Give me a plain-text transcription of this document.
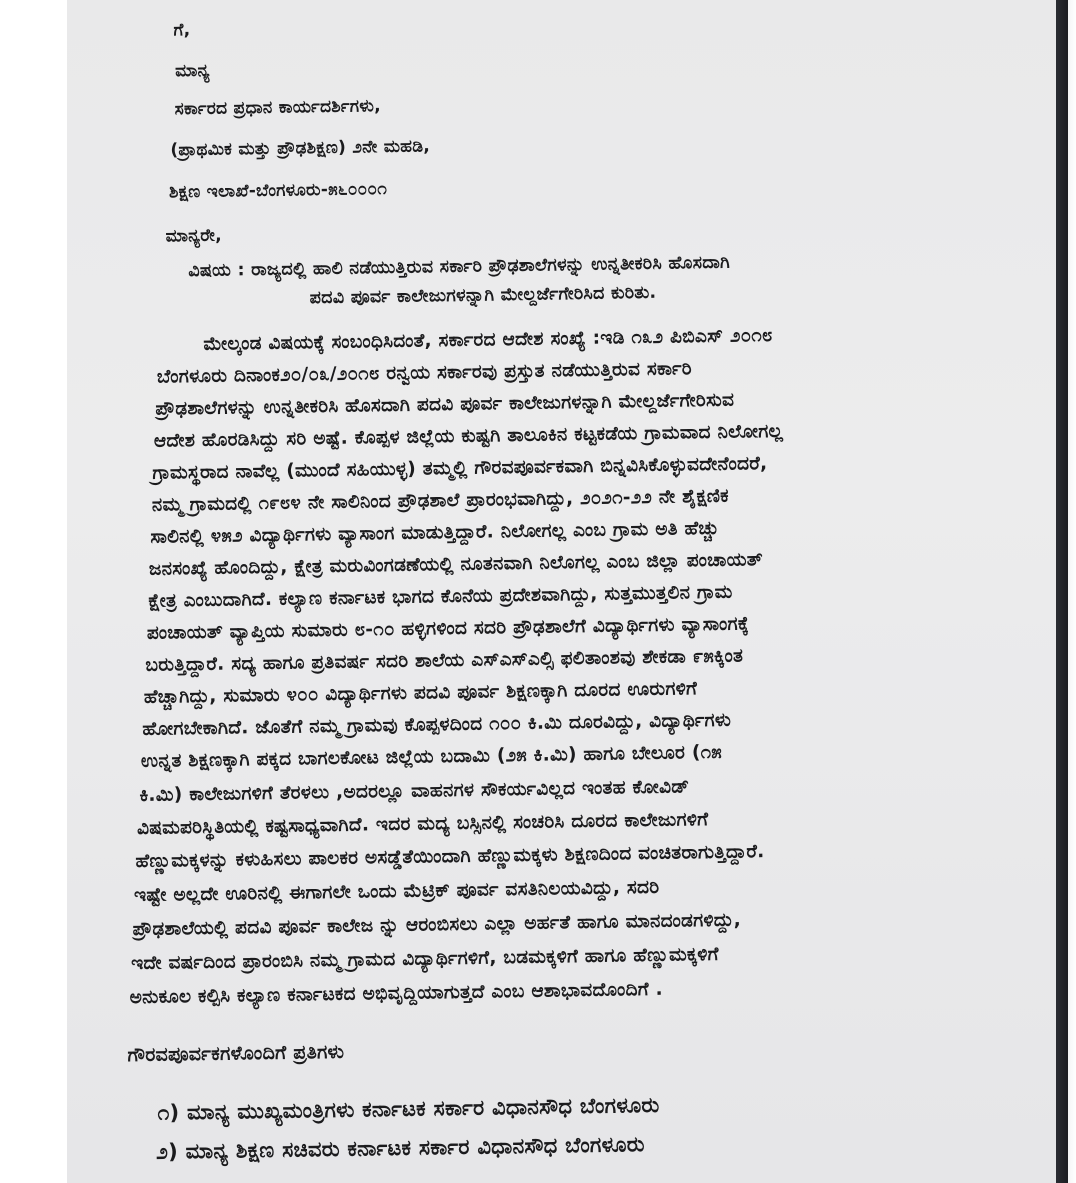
ಗೆ,
ಮಾನ್ಯ
ಸರ್ಕಾರದ ಪ್ರಧಾನ ಕಾರ್ಯದರ್ಶಿಗಳು,
(ಪ್ರಾಥಮಿಕ ಮತ್ತು ಪ್ರೌಢಶಿಕ್ಷಣ) ೨ನೇ ಮಹಡಿ,
ಶಿಕ್ಷಣ ಇಲಾಖೆ-ಬೆಂಗಳೂರು-೫೬೦೦೦೧
ಮಾನ್ಯರೇ,
ವಿಷಯ : ರಾಜ್ಯದಲ್ಲಿ ಹಾಲಿ ನಡೆಯುತ್ತಿರುವ ಸರ್ಕಾರಿ ಪ್ರೌಢಶಾಲೆಗಳನ್ನು ಉನ್ನತೀಕರಿಸಿ ಹೊಸದಾಗಿ
ಪದವಿ ಪೂರ್ವ ಕಾಲೇಜುಗಳನ್ನಾಗಿ ಮೇಲ್ದರ್ಜೆಗೇರಿಸಿದ ಕುರಿತು.
ಮೇಲ್ಕಂಡ ವಿಷಯಕ್ಕೆ ಸಂಬಂಧಿಸಿದಂತೆ, ಸರ್ಕಾರದ ಆದೇಶ ಸಂಖ್ಯೆ :ಇಡಿ ೧೩೨ ಪಿಬಿಎಸ್ ೨೦೧೮
ಬೆಂಗಳೂರು ದಿನಾಂಕ೨೦/೦೩/೨೦೧೮ ರನ್ವಯ ಸರ್ಕಾರವು ಪ್ರಸ್ತುತ ನಡೆಯುತ್ತಿರುವ ಸರ್ಕಾರಿ
ಪ್ರೌಢಶಾಲೆಗಳನ್ನು ಉನ್ನತೀಕರಿಸಿ ಹೊಸದಾಗಿ ಪದವಿ ಪೂರ್ವ ಕಾಲೇಜುಗಳನ್ನಾಗಿ ಮೇಲ್ದರ್ಜೆಗೇರಿಸುವ
ಆದೇಶ ಹೊರಡಿಸಿದ್ದು ಸರಿ ಅಷ್ಟೆ. ಕೊಪ್ಪಳ ಜಿಲ್ಲೆಯ ಕುಷ್ಟಗಿ ತಾಲೂಕಿನ ಕಟ್ಟಕಡೆಯ ಗ್ರಾಮವಾದ ನಿಲೋಗಲ್ಲ
ಗ್ರಾಮಸ್ಥರಾದ ನಾವೆಲ್ಲ (ಮುಂದೆ ಸಹಿಯುಳ್ಳ) ತಮ್ಮಲ್ಲಿ ಗೌರವಪೂರ್ವಕವಾಗಿ ಬಿನ್ನವಿಸಿಕೊಳ್ಳುವದೇನೆಂದರೆ,
ನಮ್ಮ ಗ್ರಾಮದಲ್ಲಿ ೧೯೮೪ ನೇ ಸಾಲಿನಿಂದ ಪ್ರೌಢಶಾಲೆ ಪ್ರಾರಂಭವಾಗಿದ್ದು, ೨೦೨೧-೨೨ ನೇ ಶೈಕ್ಷಣಿಕ
ಸಾಲಿನಲ್ಲಿ ೪೫೨ ವಿದ್ಯಾರ್ಥಿಗಳು ವ್ಯಾಸಾಂಗ ಮಾಡುತ್ತಿದ್ದಾರೆ. ನಿಲೋಗಲ್ಲ ಎಂಬ ಗ್ರಾಮ ಅತಿ ಹೆಚ್ಚು
ಜನಸಂಖ್ಯೆ ಹೊಂದಿದ್ದು, ಕ್ಷೇತ್ರ ಮರುವಿಂಗಡಣೆಯಲ್ಲಿ ನೂತನವಾಗಿ ನಿಲೊಗಲ್ಲ ಎಂಬ ಜಿಲ್ಲಾ ಪಂಚಾಯತ್
ಕ್ಷೇತ್ರ ಎಂಬುದಾಗಿದೆ. ಕಲ್ಯಾಣ ಕರ್ನಾಟಕ ಭಾಗದ ಕೊನೆಯ ಪ್ರದೇಶವಾಗಿದ್ದು, ಸುತ್ತಮುತ್ತಲಿನ ಗ್ರಾಮ
ಪಂಚಾಯತ್ ವ್ಯಾಪ್ತಿಯ ಸುಮಾರು ೮-೧೦ ಹಳ್ಳಿಗಳಿಂದ ಸದರಿ ಪ್ರೌಢಶಾಲೆಗೆ ವಿದ್ಯಾರ್ಥಿಗಳು ವ್ಯಾಸಾಂಗಕ್ಕೆ
ಬರುತ್ತಿದ್ದಾರೆ. ಸದ್ಯ ಹಾಗೂ ಪ್ರತಿವರ್ಷ ಸದರಿ ಶಾಲೆಯ ಎಸ್ಎಸ್ಎಲ್ಸಿ ಫಲಿತಾಂಶವು ಶೇಕಡಾ ೯೫ಕ್ಕಿಂತ
ಹೆಚ್ಚಾಗಿದ್ದು, ಸುಮಾರು ೪೦೦ ವಿದ್ಯಾರ್ಥಿಗಳು ಪದವಿ ಪೂರ್ವ ಶಿಕ್ಷಣಕ್ಕಾಗಿ ದೂರದ ಊರುಗಳಿಗೆ
ಹೋಗಬೇಕಾಗಿದೆ. ಜೊತೆಗೆ ನಮ್ಮ ಗ್ರಾಮವು ಕೊಪ್ಪಳದಿಂದ ೧೦೦ ಕಿ.ಮಿ ದೂರವಿದ್ದು, ವಿದ್ಯಾರ್ಥಿಗಳು
ಉನ್ನತ ಶಿಕ್ಷಣಕ್ಕಾಗಿ ಪಕ್ಕದ ಬಾಗಲಕೋಟ ಜಿಲ್ಲೆಯ ಬದಾಮಿ (೨೫ ಕಿ.ಮಿ) ಹಾಗೂ ಬೇಲೂರ (೧೫
ಕಿ.ಮಿ) ಕಾಲೇಜುಗಳಿಗೆ ತೆರಳಲು ,ಅದರಲ್ಲೂ ವಾಹನಗಳ ಸೌಕರ್ಯವಿಲ್ಲದ ಇಂತಹ ಕೋವಿಡ್
ವಿಷಮಪರಿಸ್ಥಿತಿಯಲ್ಲಿ ಕಷ್ಟಸಾಧ್ಯವಾಗಿದೆ. ಇದರ ಮದ್ಯ ಬಸ್ಸಿನಲ್ಲಿ ಸಂಚರಿಸಿ ದೂರದ ಕಾಲೇಜುಗಳಿಗೆ
ಹೆಣ್ಣುಮಕ್ಕಳನ್ನು ಕಳುಹಿಸಲು ಪಾಲಕರ ಅಸಡ್ಡೆತೆಯಿಂದಾಗಿ ಹೆಣ್ಣುಮಕ್ಕಳು ಶಿಕ್ಷಣದಿಂದ ವಂಚಿತರಾಗುತ್ತಿದ್ದಾರೆ.
ಇಷ್ಟೇ ಅಲ್ಲದೇ ಊರಿನಲ್ಲಿ ಈಗಾಗಲೇ ಒಂದು ಮೆಟ್ರಿಕ್ ಪೂರ್ವ ವಸತಿನಿಲಯವಿದ್ದು, ಸದರಿ
ಪ್ರೌಢಶಾಲೆಯಲ್ಲಿ ಪದವಿ ಪೂರ್ವ ಕಾಲೇಜ ನ್ನು ಆರಂಬಿಸಲು ಎಲ್ಲಾ ಅರ್ಹತೆ ಹಾಗೂ ಮಾನದಂಡಗಳಿದ್ದು,
ಇದೇ ವರ್ಷದಿಂದ ಪ್ರಾರಂಬಿಸಿ ನಮ್ಮ ಗ್ರಾಮದ ವಿದ್ಯಾರ್ಥಿಗಳಿಗೆ, ಬಡಮಕ್ಕಳಿಗೆ ಹಾಗೂ ಹೆಣ್ಣುಮಕ್ಕಳಿಗೆ
ಅನುಕೂಲ ಕಲ್ಪಿಸಿ ಕಲ್ಯಾಣ ಕರ್ನಾಟಕದ ಅಭಿವೃದ್ದಿಯಾಗುತ್ತದೆ ಎಂಬ ಆಶಾಭಾವದೊಂದಿಗೆ .
ಗೌರವಪೂರ್ವಕಗಳೊಂದಿಗೆ ಪ್ರತಿಗಳು
೧) ಮಾನ್ಯ ಮುಖ್ಯಮಂತ್ರಿಗಳು ಕರ್ನಾಟಕ ಸರ್ಕಾರ ವಿಧಾನಸೌಧ ಬೆಂಗಳೂರು
೨) ಮಾನ್ಯ ಶಿಕ್ಷಣ ಸಚಿವರು ಕರ್ನಾಟಕ ಸರ್ಕಾರ ವಿಧಾನಸೌಧ ಬೆಂಗಳೂರು
